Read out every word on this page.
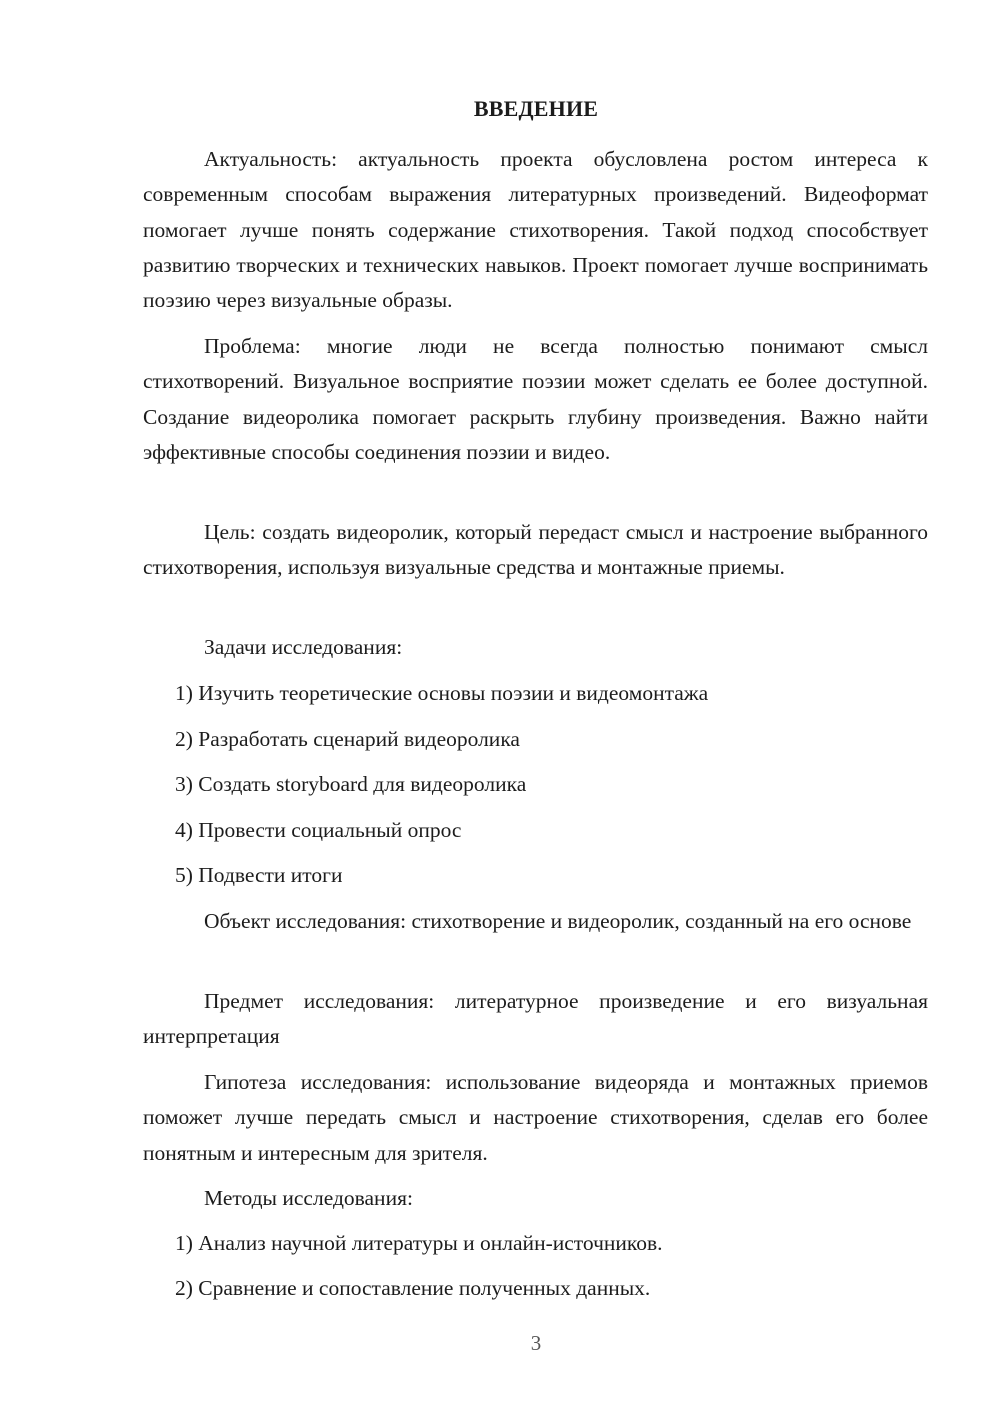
ВВЕДЕНИЕ

Актуальность: актуальность проекта обусловлена ростом интереса к современным способам выражения литературных произведений. Видеоформат помогает лучше понять содержание стихотворения. Такой подход способствует развитию творческих и технических навыков. Проект помогает лучше воспринимать поэзию через визуальные образы.

Проблема: многие люди не всегда полностью понимают смысл стихотворений. Визуальное восприятие поэзии может сделать ее более доступной. Создание видеоролика помогает раскрыть глубину произведения. Важно найти эффективные способы соединения поэзии и видео.

Цель: создать видеоролик, который передаст смысл и настроение выбранного стихотворения, используя визуальные средства и монтажные приемы.

Задачи исследования:

1) Изучить теоретические основы поэзии и видеомонтажа

2) Разработать сценарий видеоролика

3) Создать storyboard для видеоролика

4) Провести социальный опрос

5) Подвести итоги

Объект исследования: стихотворение и видеоролик, созданный на его основе

Предмет исследования: литературное произведение и его визуальная интерпретация

Гипотеза исследования: использование видеоряда и монтажных приемов поможет лучше передать смысл и настроение стихотворения, сделав его более понятным и интересным для зрителя.

Методы исследования:

1) Анализ научной литературы и онлайн-источников.

2) Сравнение и сопоставление полученных данных.

3
